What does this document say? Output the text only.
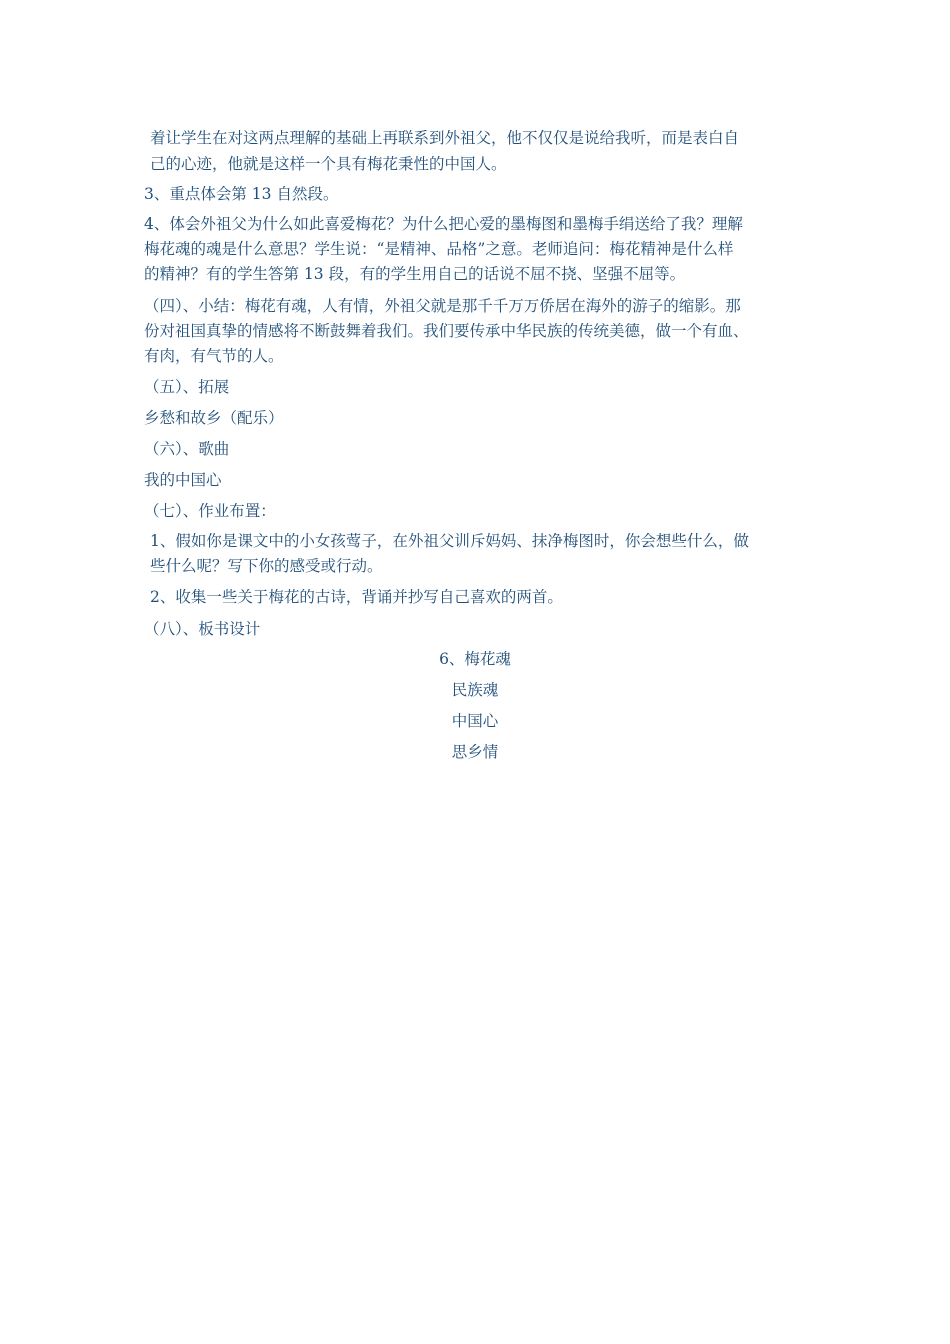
着让学生在对这两点理解的基础上再联系到外祖父，他不仅仅是说给我听，而是表白自
己的心迹，他就是这样一个具有梅花秉性的中国人。
3、重点体会第 13 自然段。
4、体会外祖父为什么如此喜爱梅花？为什么把心爱的墨梅图和墨梅手绢送给了我？理解
梅花魂的魂是什么意思？学生说：“是精神、品格”之意。老师追问：梅花精神是什么样
的精神？有的学生答第 13 段，有的学生用自己的话说不屈不挠、坚强不屈等。
（四）、小结：梅花有魂，人有情，外祖父就是那千千万万侨居在海外的游子的缩影。那
份对祖国真挚的情感将不断鼓舞着我们。我们要传承中华民族的传统美德，做一个有血、
有肉，有气节的人。
（五）、拓展
乡愁和故乡（配乐）
（六）、歌曲
我的中国心
（七）、作业布置：
1、假如你是课文中的小女孩莺子，在外祖父训斥妈妈、抹净梅图时，你会想些什么，做
些什么呢？写下你的感受或行动。
2、收集一些关于梅花的古诗，背诵并抄写自己喜欢的两首。
（八）、板书设计
6、梅花魂
民族魂
中国心
思乡情
